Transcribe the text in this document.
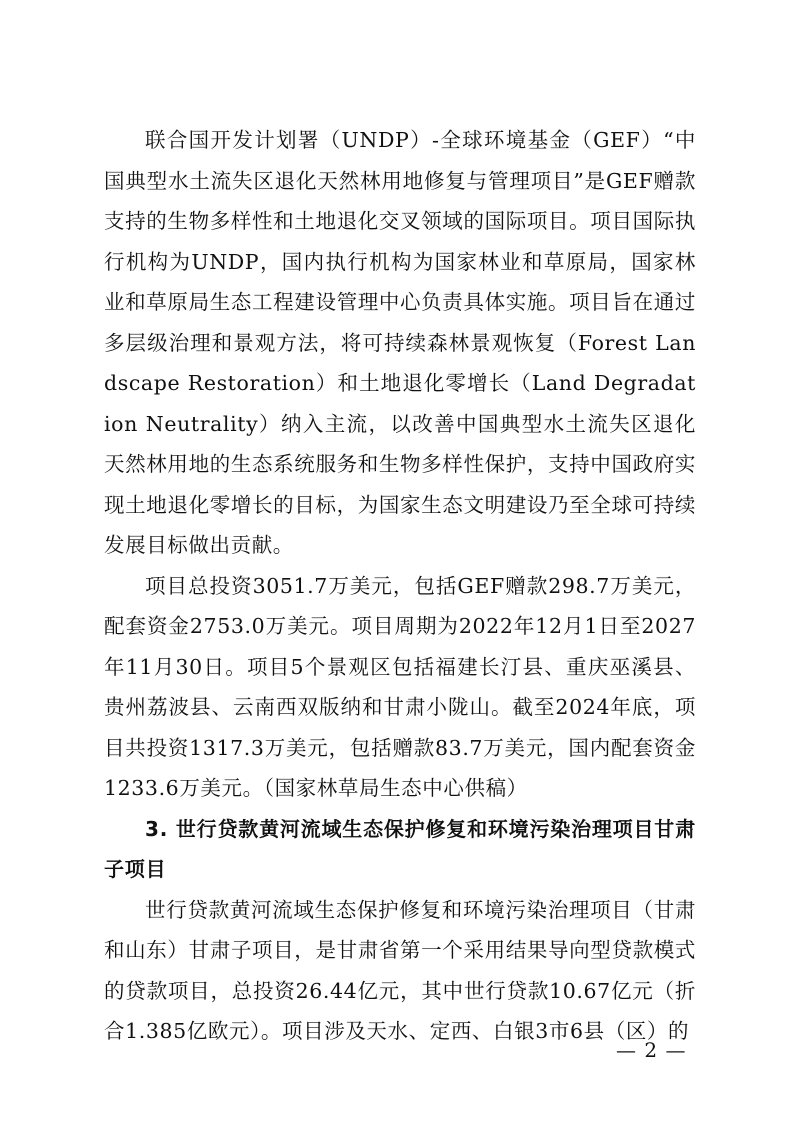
联合国开发计划署（UNDP）-全球环境基金（GEF）“中国典型水土流失区退化天然林用地修复与管理项目”是GEF赠款支持的生物多样性和土地退化交叉领域的国际项目。项目国际执行机构为UNDP，国内执行机构为国家林业和草原局，国家林业和草原局生态工程建设管理中心负责具体实施。项目旨在通过多层级治理和景观方法，将可持续森林景观恢复（Forest Landscape Restoration）和土地退化零增长（Land Degradation Neutrality）纳入主流，以改善中国典型水土流失区退化天然林用地的生态系统服务和生物多样性保护，支持中国政府实现土地退化零增长的目标，为国家生态文明建设乃至全球可持续发展目标做出贡献。

项目总投资3051.7万美元，包括GEF赠款298.7万美元，配套资金2753.0万美元。项目周期为2022年12月1日至2027年11月30日。项目5个景观区包括福建长汀县、重庆巫溪县、贵州荔波县、云南西双版纳和甘肃小陇山。截至2024年底，项目共投资1317.3万美元，包括赠款83.7万美元，国内配套资金1233.6万美元。（国家林草局生态中心供稿）

3. 世行贷款黄河流域生态保护修复和环境污染治理项目甘肃子项目

世行贷款黄河流域生态保护修复和环境污染治理项目（甘肃和山东）甘肃子项目，是甘肃省第一个采用结果导向型贷款模式的贷款项目，总投资26.44亿元，其中世行贷款10.67亿元（折合1.385亿欧元）。项目涉及天水、定西、白银3市6县（区）的

— 2 —
